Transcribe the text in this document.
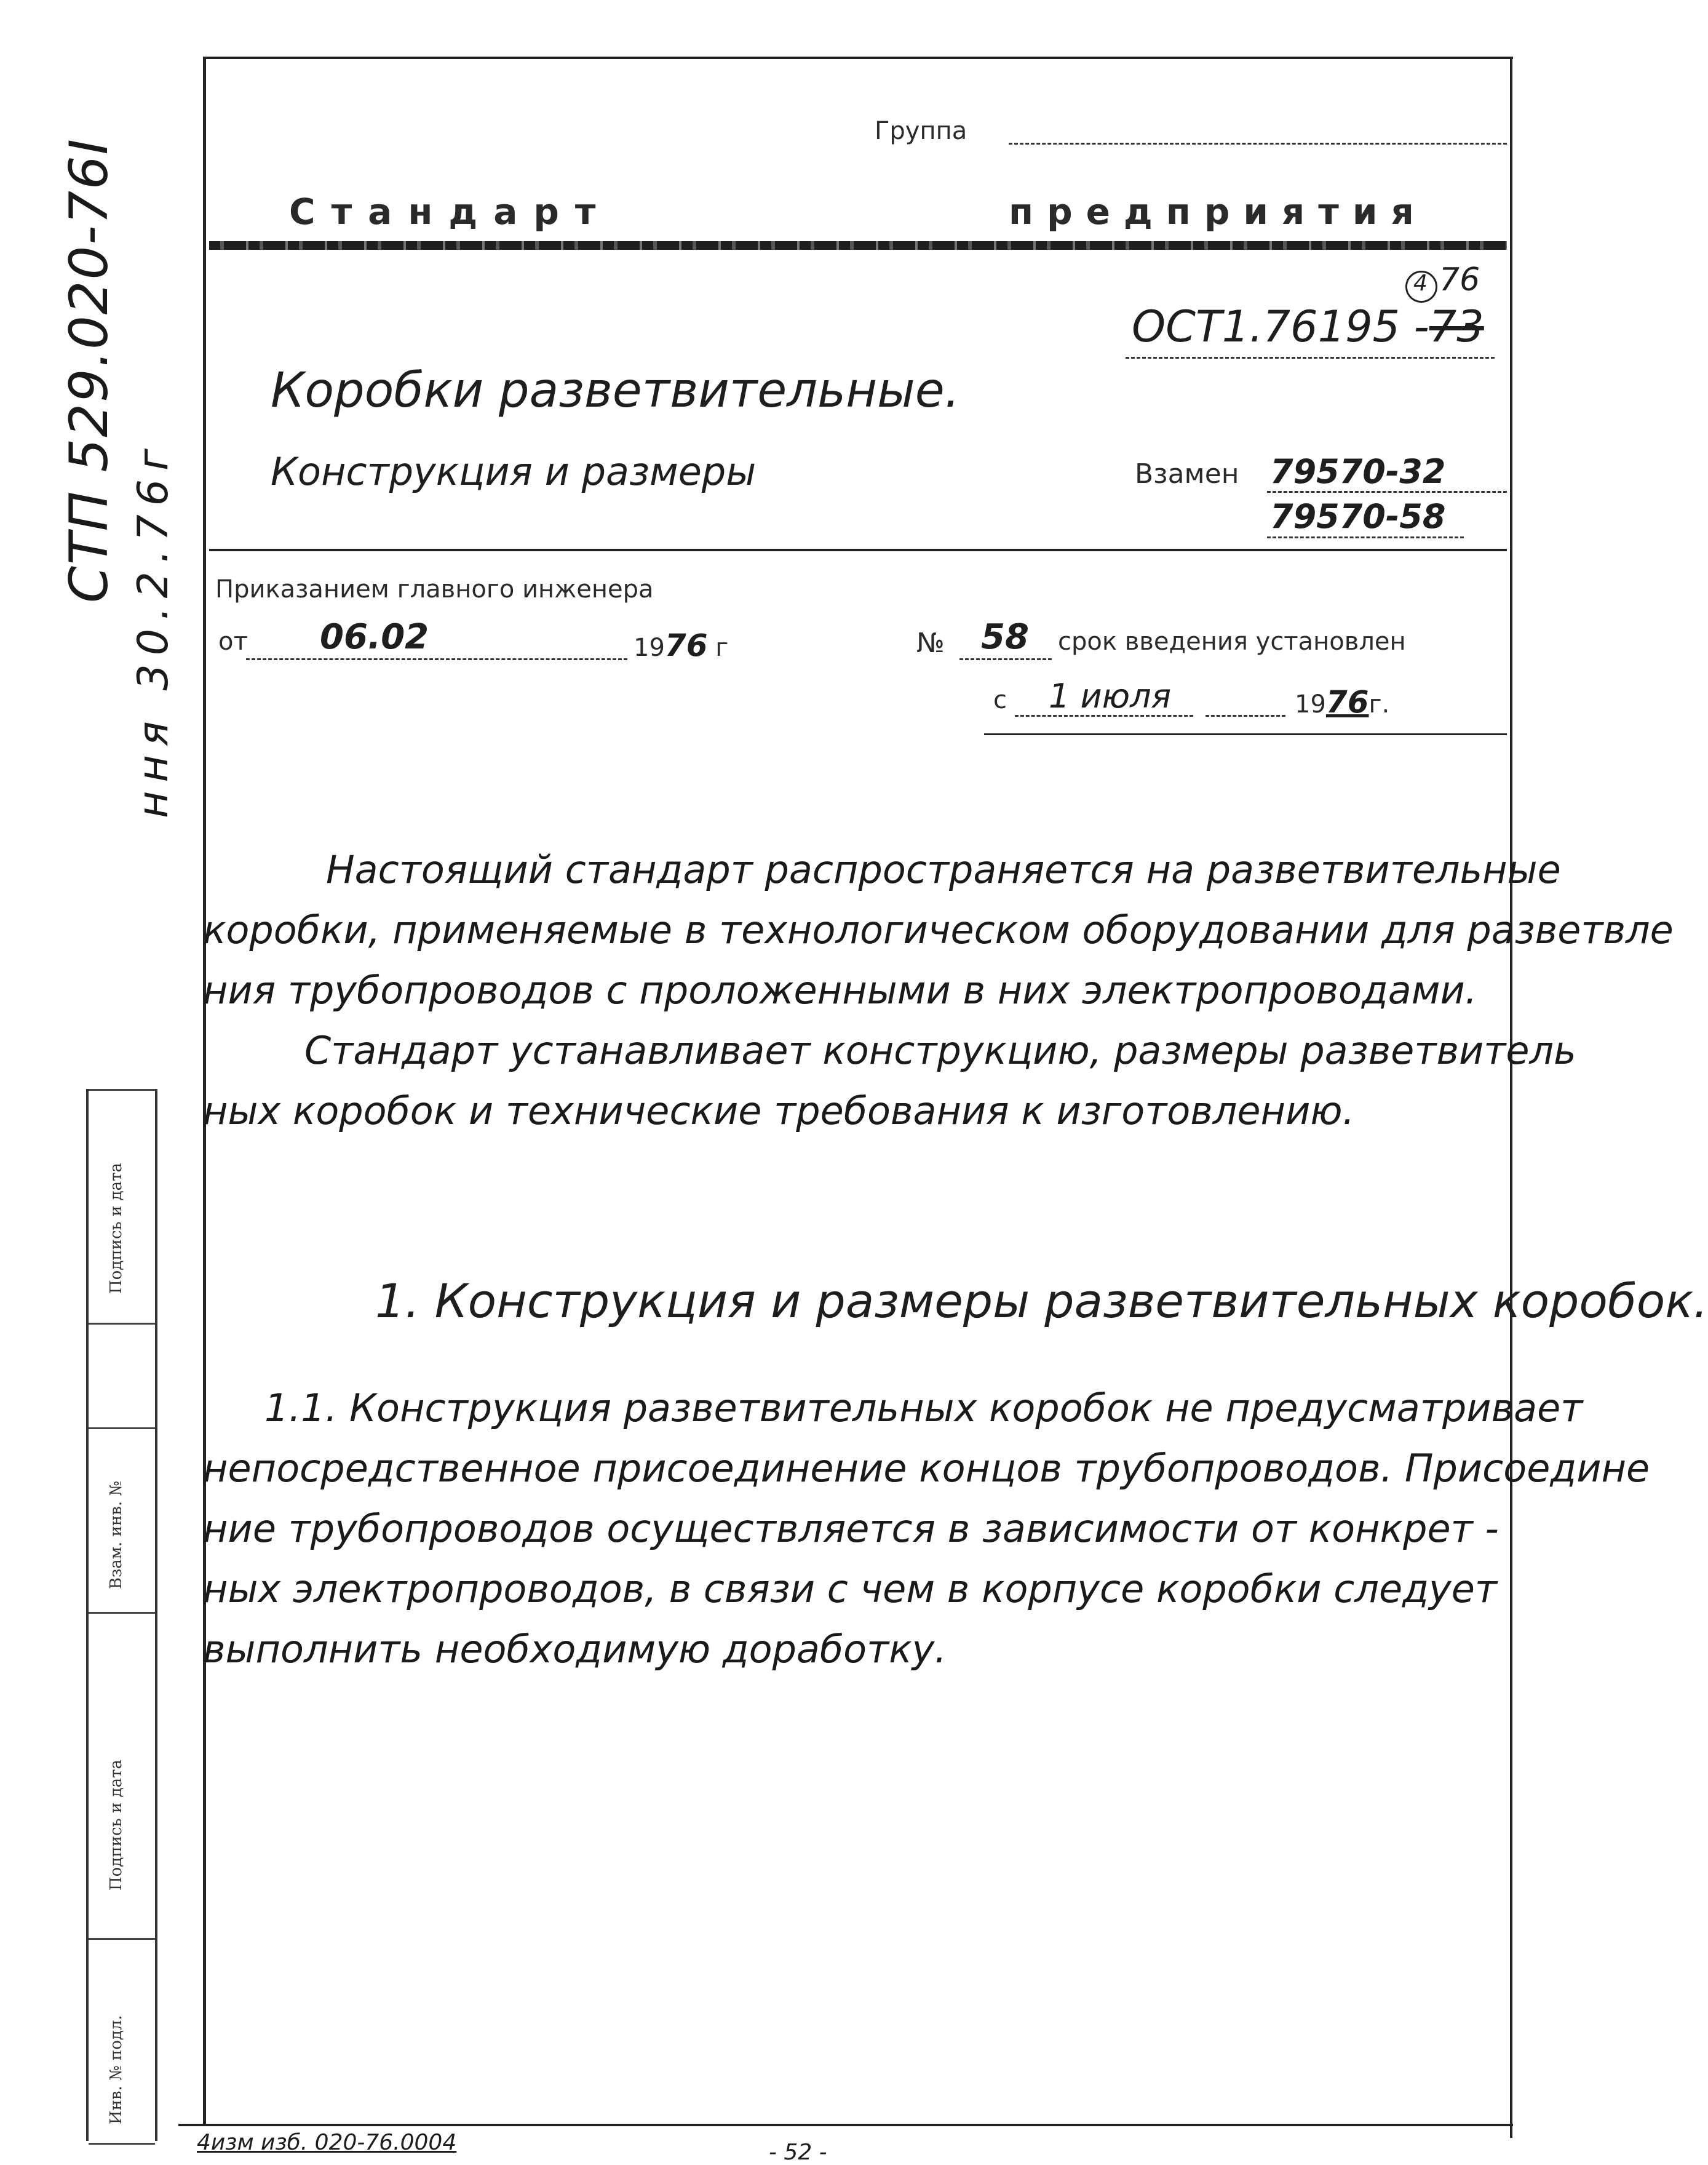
СТП 529.020-76I
ння 30.2.76г
Группа
Стандарт	предприятия
ОСТ1.76195 -73
4 76
Коробки разветвительные.
Конструкция и размеры	Взамен 79570-32
79570-58
Приказанием главного инженера
от 06.02	1976 г	№ 58 срок введения установлен
с 1 июля	1976г.
Настоящий стандарт распространяется на разветвительные
коробки, применяемые в технологическом оборудовании для разветвле
ния трубопроводов с проложенными в них электропроводами.
Стандарт устанавливает конструкцию, размеры разветвитель
ных коробок и технические требования к изготовлению.
1. Конструкция и размеры разветвительных коробок.
1.1. Конструкция разветвительных коробок не предусматривает
непосредственное присоединение концов трубопроводов. Присоедине
ние трубопроводов осуществляется в зависимости от конкрет -
ных электропроводов, в связи с чем в корпусе коробки следует
выполнить необходимую доработку.
Подпись и дата
Взам. инв. №
Подпись и дата
Инв. № подл.
4изм изб. 020-76.0004	- 52 -
